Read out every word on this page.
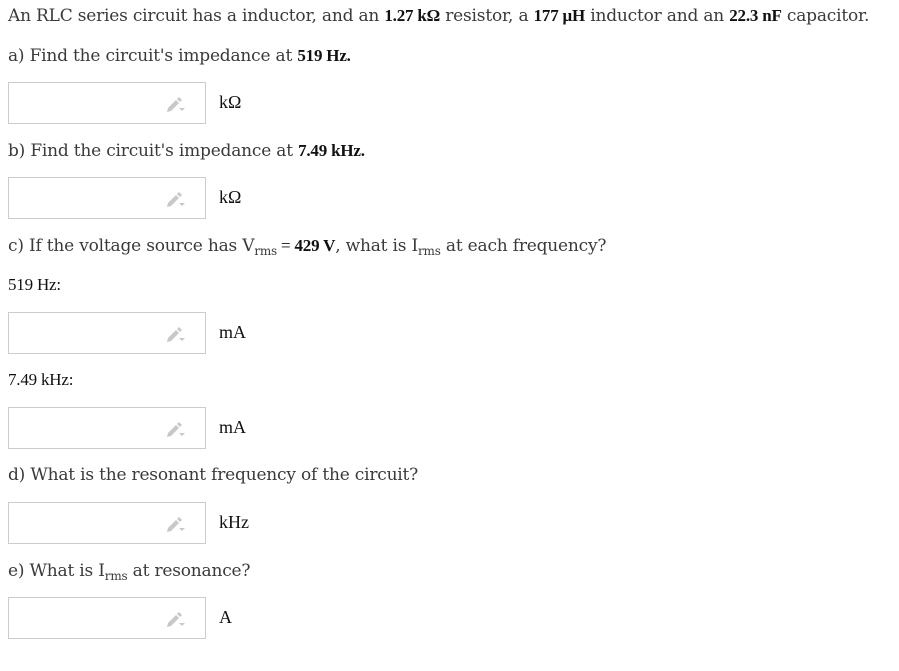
An RLC series circuit has a inductor, and an 1.27 kΩ resistor, a 177 μH inductor and an 22.3 nF capacitor.
a) Find the circuit's impedance at 519 Hz.
kΩ
b) Find the circuit's impedance at 7.49 kHz.
kΩ
c) If the voltage source has $V_{rms} = 429$ V, what is $I_{rms}$ at each frequency?
519 Hz:
mA
7.49 kHz:
mA
d) What is the resonant frequency of the circuit?
kHz
e) What is $I_{rms}$ at resonance?
A
